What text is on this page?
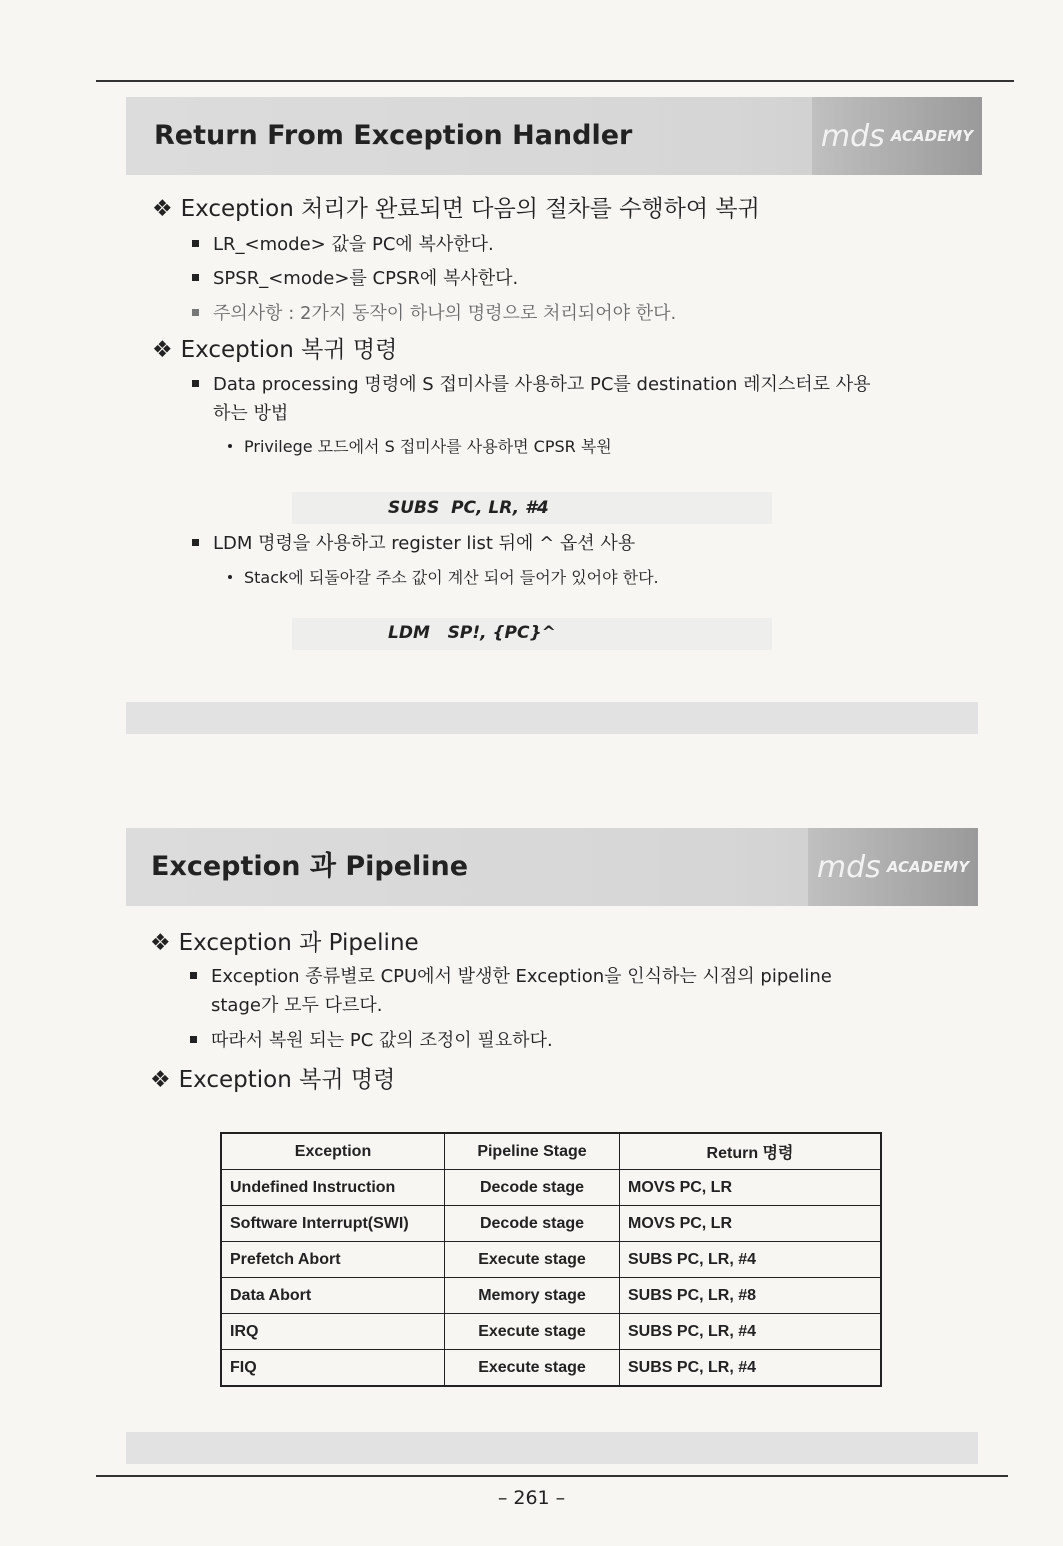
Return From Exception Handler	mds ACADEMY
❖ Exception 처리가 완료되면 다음의 절차를 수행하여 복귀
LR_<mode> 값을 PC에 복사한다.
SPSR_<mode>를 CPSR에 복사한다.
주의사항 : 2가지 동작이 하나의 명령으로 처리되어야 한다.
❖ Exception 복귀 명령
Data processing 명령에 S 접미사를 사용하고 PC를 destination 레지스터로 사용
하는 방법
Privilege 모드에서 S 접미사를 사용하면 CPSR 복원
SUBS  PC, LR, #4
LDM 명령을 사용하고 register list 뒤에 ^ 옵션 사용
Stack에 되돌아갈 주소 값이 계산 되어 들어가 있어야 한다.
LDM   SP!, {PC}^
Exception 과 Pipeline	mds ACADEMY
❖ Exception 과 Pipeline
Exception 종류별로 CPU에서 발생한 Exception을 인식하는 시점의 pipeline
stage가 모두 다르다.
따라서 복원 되는 PC 값의 조정이 필요하다.
❖ Exception 복귀 명령
Exception	Pipeline Stage	Return 명령
Undefined Instruction	Decode stage	MOVS PC, LR
Software Interrupt(SWI)	Decode stage	MOVS PC, LR
Prefetch Abort	Execute stage	SUBS PC, LR, #4
Data Abort	Memory stage	SUBS PC, LR, #8
IRQ	Execute stage	SUBS PC, LR, #4
FIQ	Execute stage	SUBS PC, LR, #4
– 261 –
